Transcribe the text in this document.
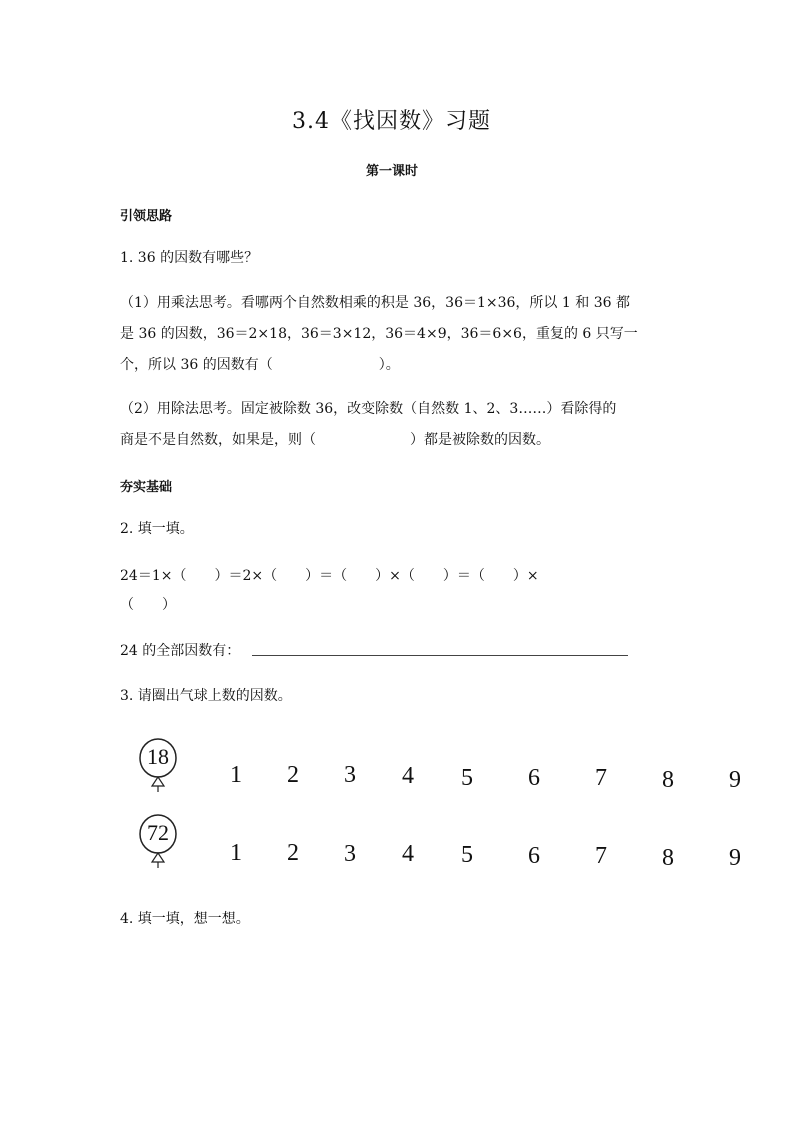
3.4《找因数》习题
第一课时
引领思路
1. 36 的因数有哪些？
（1）用乘法思考。看哪两个自然数相乘的积是 36，36＝1×36，所以 1 和 36 都
是 36 的因数，36＝2×18，36＝3×12，36＝4×9，36＝6×6，重复的 6 只写一
个，所以 36 的因数有（	）。
（2）用除法思考。固定被除数 36，改变除数（自然数 1、2、3……）看除得的
商是不是自然数，如果是，则（	）都是被除数的因数。
夯实基础
2. 填一填。
24＝1×（　　）＝2×（　　）＝（　　）×（　　）＝（　　）×
（　　）
24 的全部因数有：
3. 请圈出气球上数的因数。
18
72
1 2 3 4 5 6 7 8 9
1 2 3 4 5 6 7 8 9
4. 填一填，想一想。
